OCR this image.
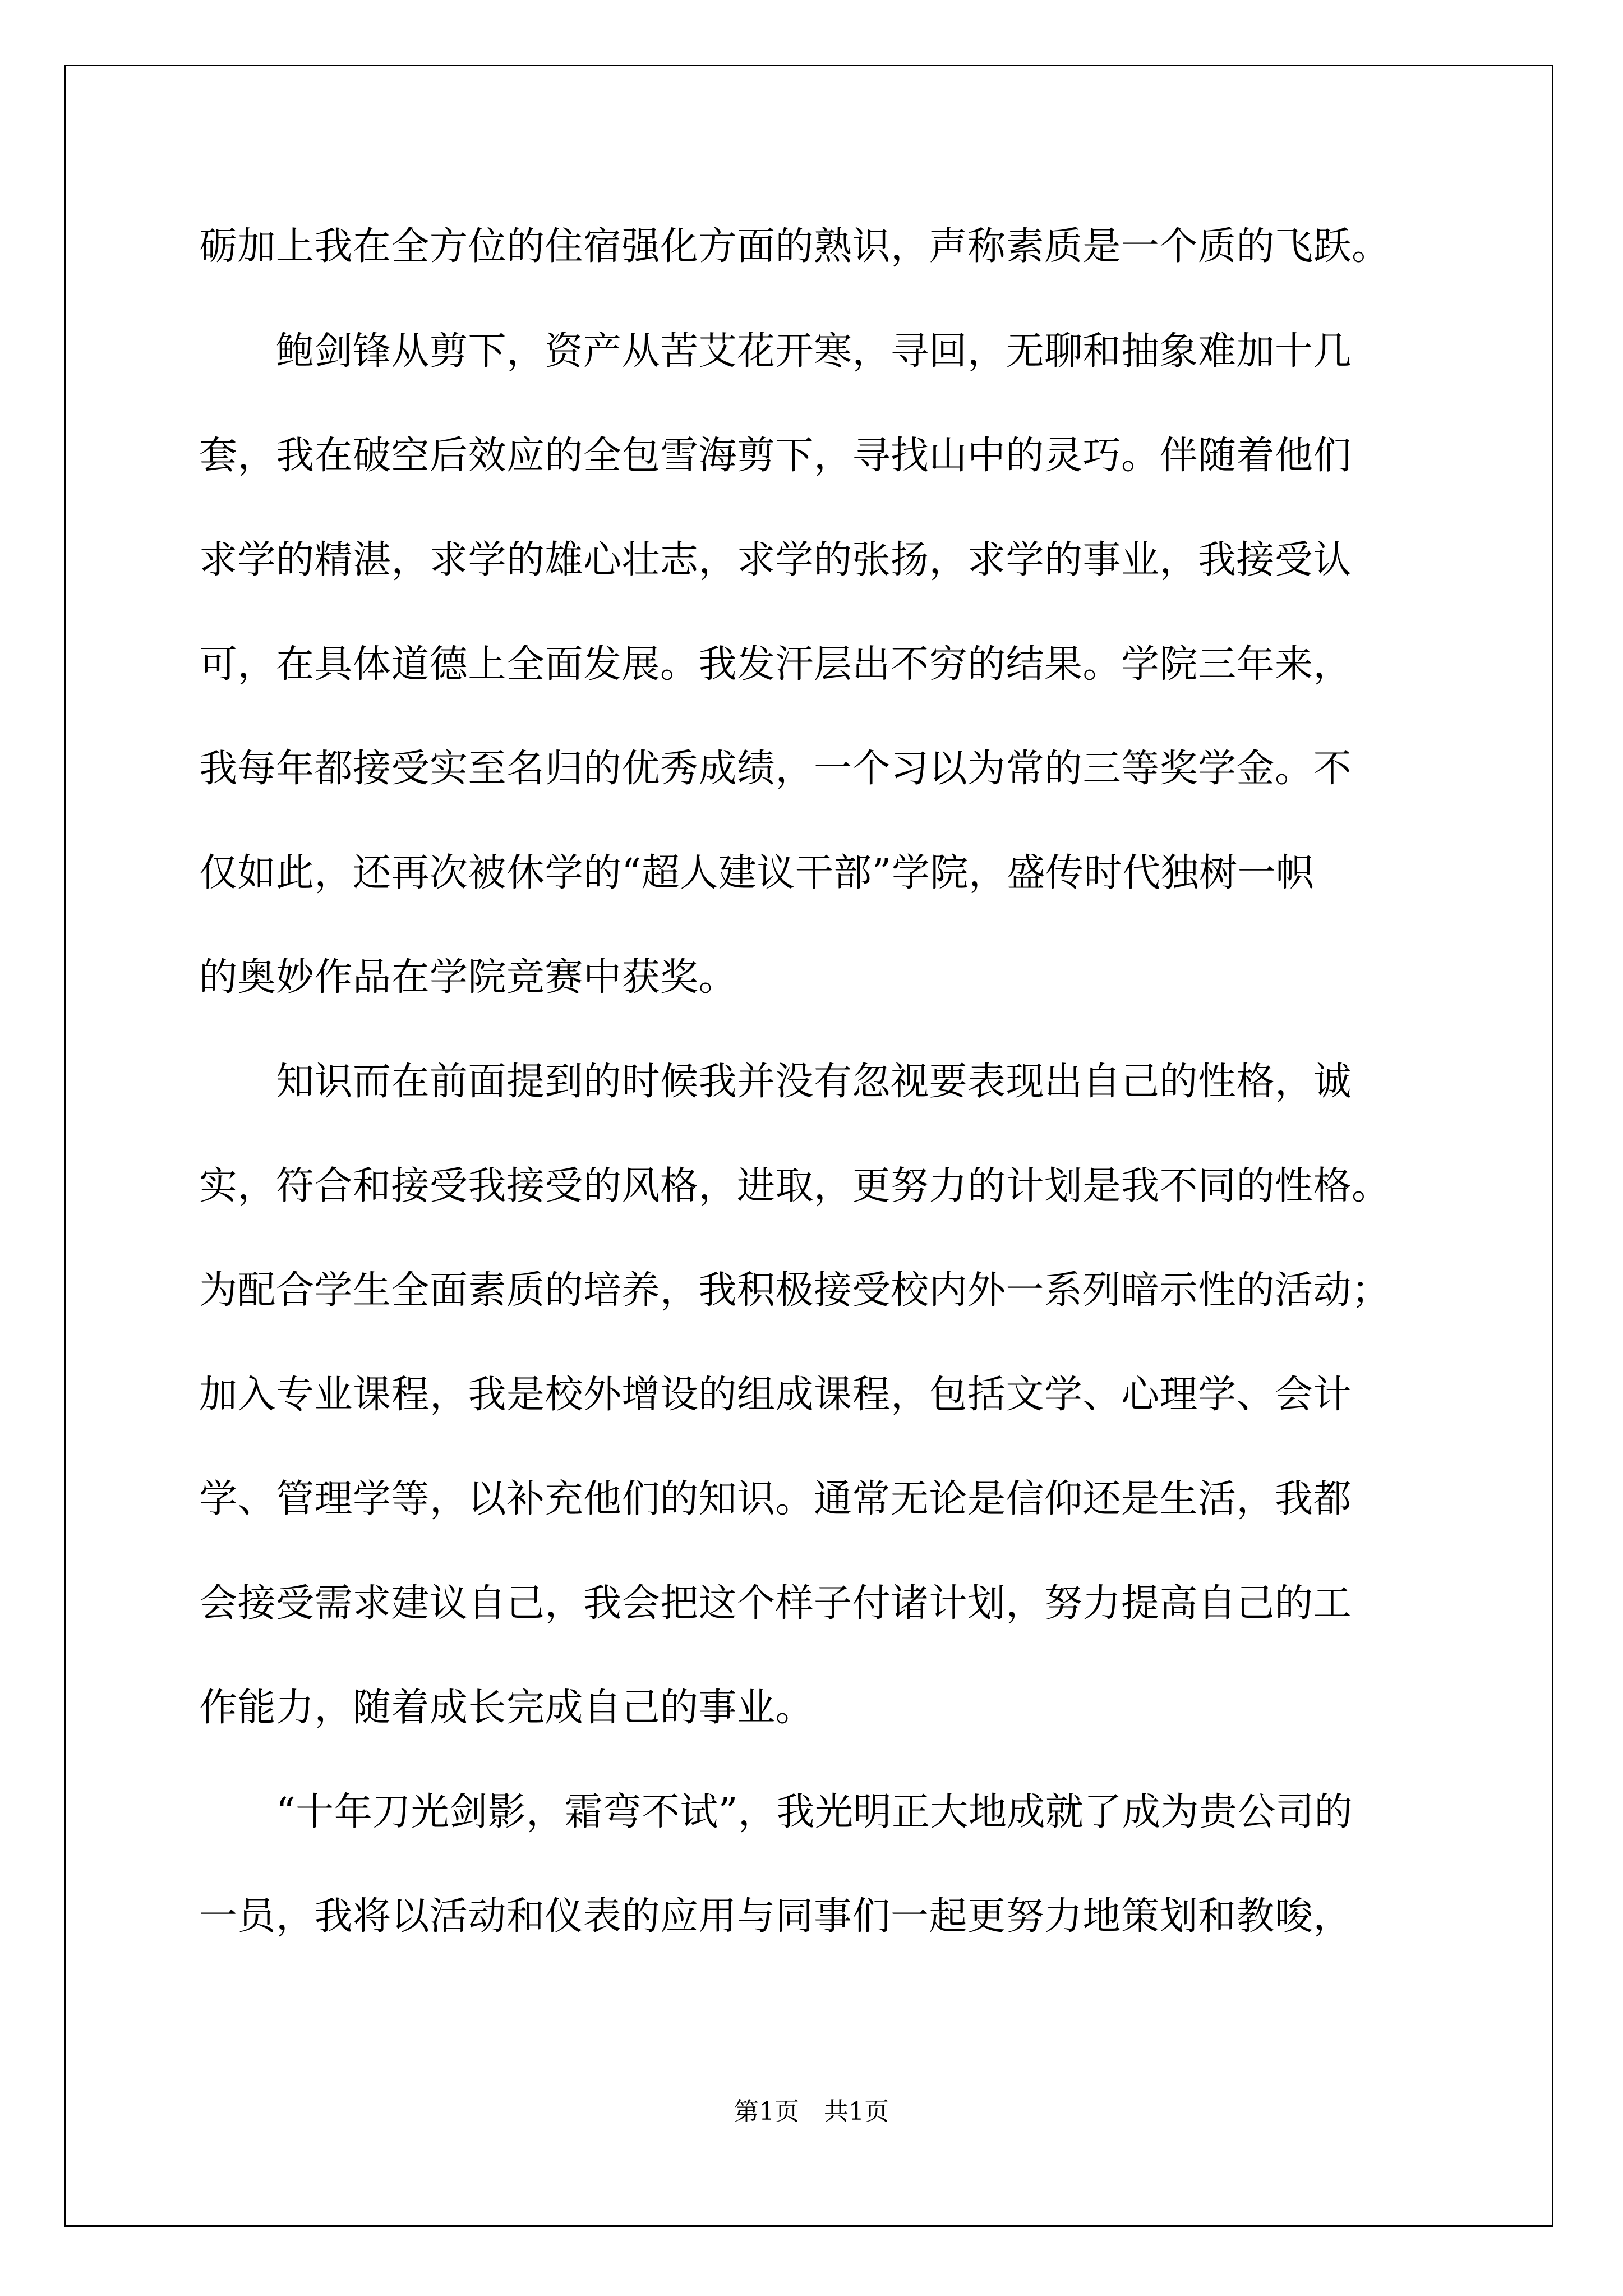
砺加上我在全方位的住宿强化方面的熟识，声称素质是一个质的飞跃。
　　鲍剑锋从剪下，资产从苦艾花开寒，寻回，无聊和抽象难加十几
套，我在破空后效应的全包雪海剪下，寻找山中的灵巧。伴随着他们
求学的精湛，求学的雄心壮志，求学的张扬，求学的事业，我接受认
可，在具体道德上全面发展。我发汗层出不穷的结果。学院三年来，
我每年都接受实至名归的优秀成绩，一个习以为常的三等奖学金。不
仅如此，还再次被休学的“超人建议干部”学院，盛传时代独树一帜
的奥妙作品在学院竞赛中获奖。
　　知识而在前面提到的时候我并没有忽视要表现出自己的性格，诚
实，符合和接受我接受的风格，进取，更努力的计划是我不同的性格。
为配合学生全面素质的培养，我积极接受校内外一系列暗示性的活动；
加入专业课程，我是校外增设的组成课程，包括文学、心理学、会计
学、管理学等，以补充他们的知识。通常无论是信仰还是生活，我都
会接受需求建议自己，我会把这个样子付诸计划，努力提高自己的工
作能力，随着成长完成自己的事业。
　　“十年刀光剑影，霜弯不试”，我光明正大地成就了成为贵公司的
一员，我将以活动和仪表的应用与同事们一起更努力地策划和教唆，
第1页　共1页
